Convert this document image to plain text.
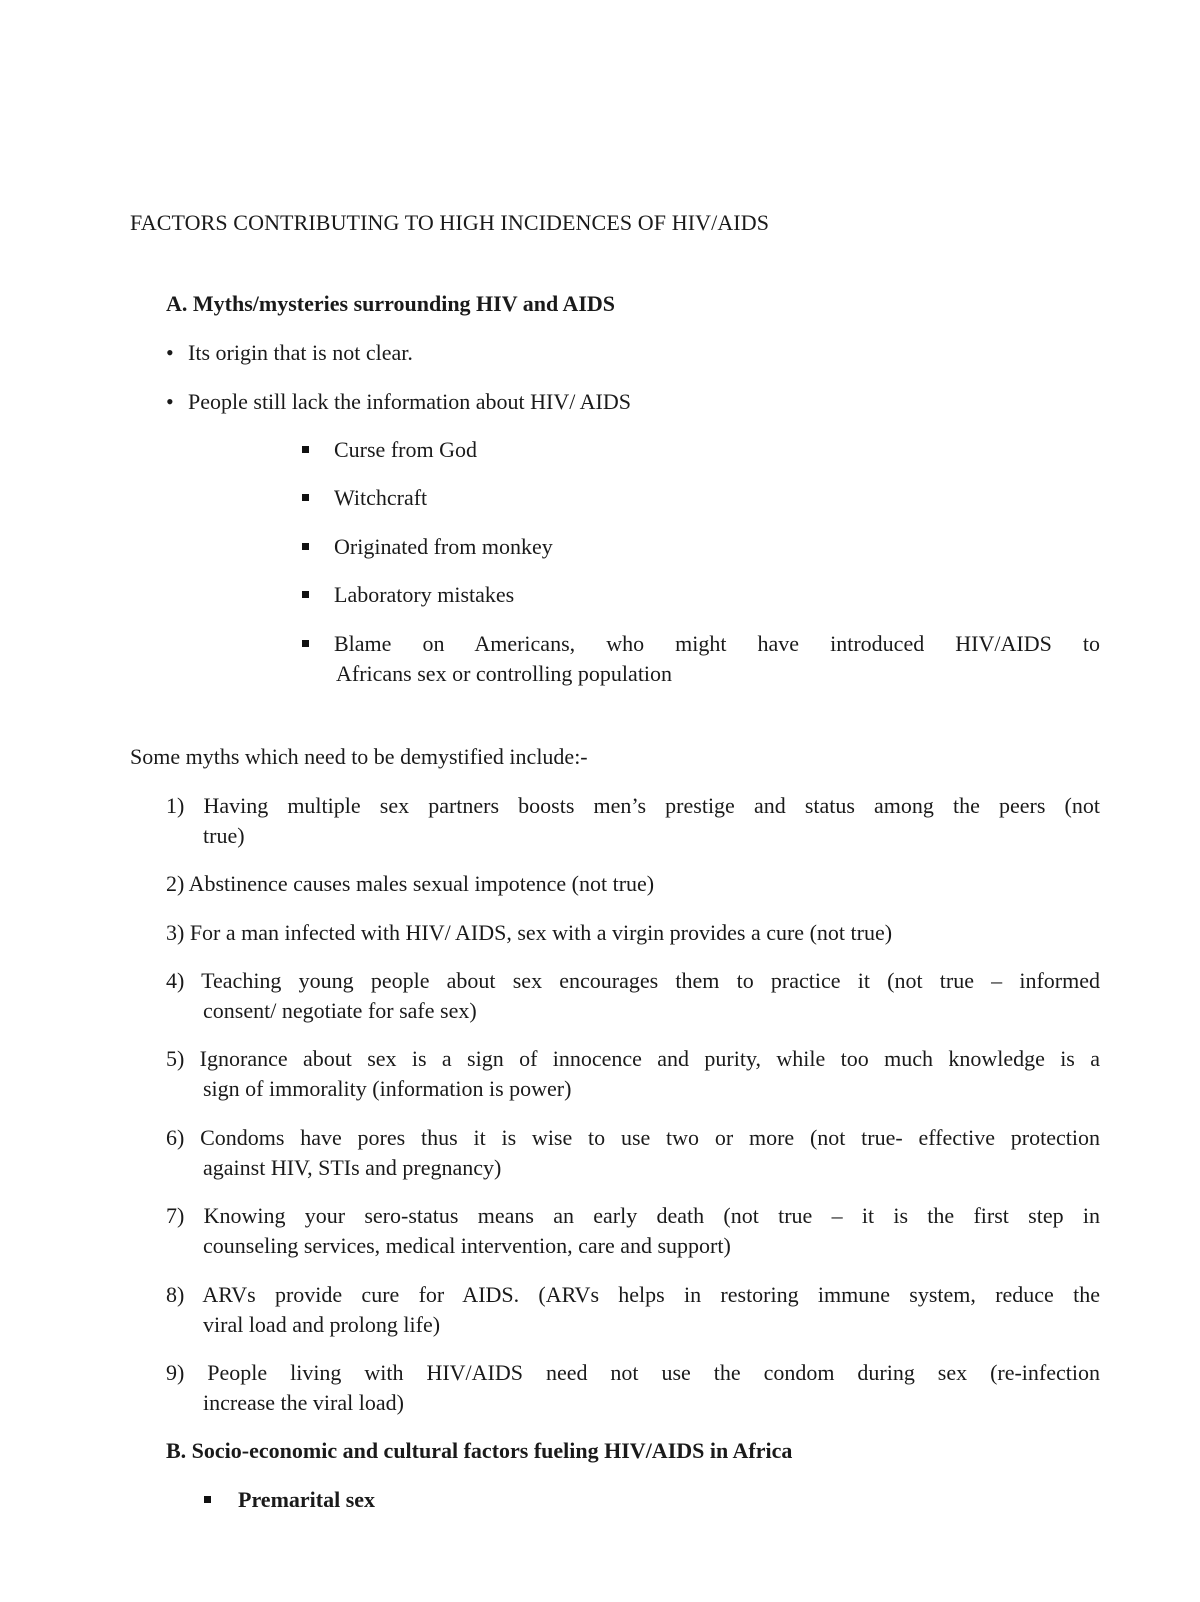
FACTORS CONTRIBUTING TO HIGH INCIDENCES OF HIV/AIDS
A. Myths/mysteries surrounding HIV and AIDS
• Its origin that is not clear.
• People still lack the information about HIV/ AIDS
Curse from God
Witchcraft
Originated from monkey
Laboratory mistakes
Blame on Americans, who might have introduced HIV/AIDS to
Africans sex or controlling population
Some myths which need to be demystified include:-
1) Having multiple sex partners boosts men’s prestige and status among the peers (not
true)
2) Abstinence causes males sexual impotence (not true)
3) For a man infected with HIV/ AIDS, sex with a virgin provides a cure (not true)
4) Teaching young people about sex encourages them to practice it (not true – informed
consent/ negotiate for safe sex)
5) Ignorance about sex is a sign of innocence and purity, while too much knowledge is a
sign of immorality (information is power)
6) Condoms have pores thus it is wise to use two or more (not true- effective protection
against HIV, STIs and pregnancy)
7) Knowing your sero-status means an early death (not true – it is the first step in
counseling services, medical intervention, care and support)
8) ARVs provide cure for AIDS. (ARVs helps in restoring immune system, reduce the
viral load and prolong life)
9) People living with HIV/AIDS need not use the condom during sex (re-infection
increase the viral load)
B. Socio-economic and cultural factors fueling HIV/AIDS in Africa
Premarital sex
